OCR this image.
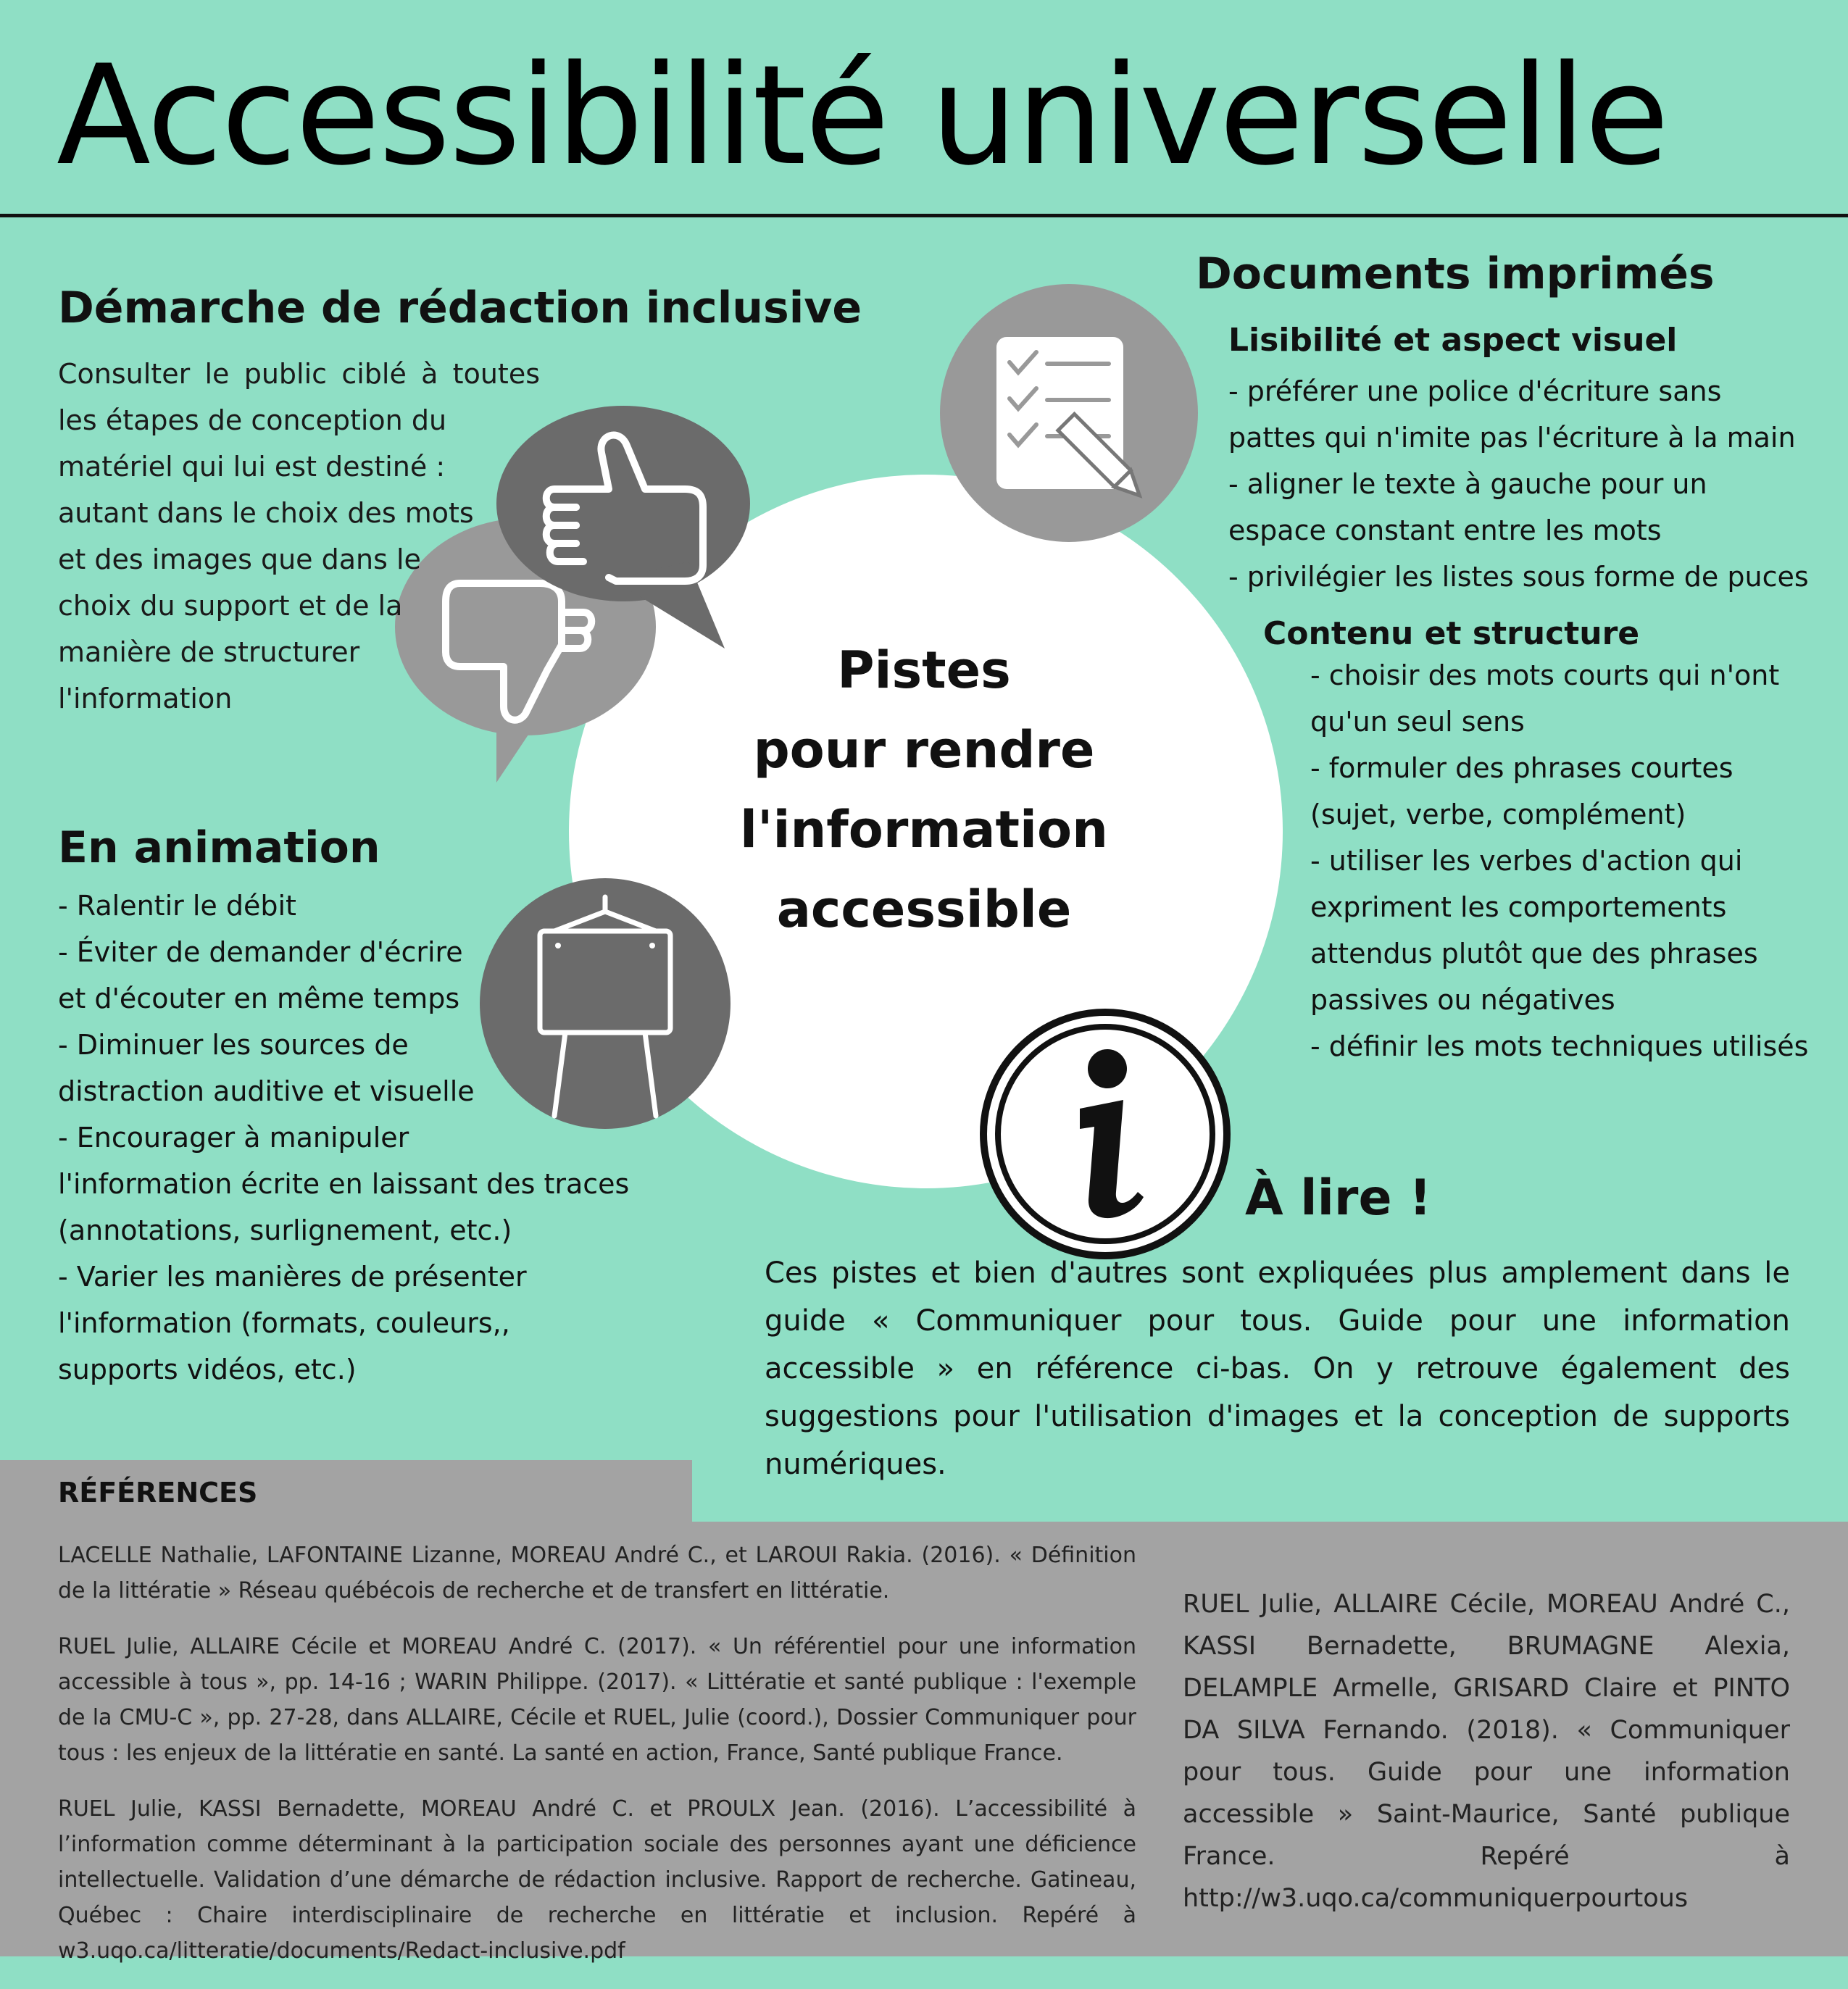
Accessibilité universelle
Pistes
pour rendre
l'information
accessible
Démarche de rédaction inclusive
Consulter le public ciblé à toutes
les étapes de conception du
matériel qui lui est destiné :
autant dans le choix des mots
et des images que dans le
choix du support et de la
manière de structurer
l'information
En animation
- Ralentir le débit
- Éviter de demander d'écrire
et d'écouter en même temps
- Diminuer les sources de
distraction auditive et visuelle
- Encourager à manipuler
l'information écrite en laissant des traces
(annotations, surlignement, etc.)
- Varier les manières de présenter
l'information (formats, couleurs,,
supports vidéos, etc.)
Documents imprimés
Lisibilité et aspect visuel
- préférer une police d'écriture sans
pattes qui n'imite pas l'écriture à la main
- aligner le texte à gauche pour un
espace constant entre les mots
- privilégier les listes sous forme de puces
Contenu et structure
- choisir des mots courts qui n'ont
qu'un seul sens
- formuler des phrases courtes
(sujet, verbe, complément)
- utiliser les verbes d'action qui
expriment les comportements
attendus plutôt que des phrases
passives ou négatives
- définir les mots techniques utilisés
À lire !
Ces pistes et bien d'autres sont expliquées plus amplement dans le guide « Communiquer pour tous. Guide pour une information accessible » en référence ci-bas. On y retrouve également des suggestions pour l'utilisation d'images et la conception de supports numériques.
RÉFÉRENCES

LACELLE Nathalie, LAFONTAINE Lizanne, MOREAU André C., et LAROUI Rakia. (2016). « Définition de la littératie » Réseau québécois de recherche et de transfert en littératie.

RUEL Julie, ALLAIRE Cécile et MOREAU André C. (2017). « Un référentiel pour une information accessible à tous », pp. 14-16 ; WARIN Philippe. (2017). « Littératie et santé publique : l'exemple de la CMU-C », pp. 27-28, dans ALLAIRE, Cécile et RUEL, Julie (coord.), Dossier Communiquer pour tous : les enjeux de la littératie en santé. La santé en action, France, Santé publique France.

RUEL Julie, KASSI Bernadette, MOREAU André C. et PROULX Jean. (2016). L’accessibilité à l’information comme déterminant à la participation sociale des personnes ayant une déficience intellectuelle. Validation d’une démarche de rédaction inclusive. Rapport de recherche. Gatineau, Québec : Chaire interdisciplinaire de recherche en littératie et inclusion. Repéré à w3.uqo.ca/litteratie/documents/Redact-inclusive.pdf

RUEL Julie, ALLAIRE Cécile, MOREAU André C., KASSI Bernadette, BRUMAGNE Alexia, DELAMPLE Armelle, GRISARD Claire et PINTO DA SILVA Fernando. (2018). « Communiquer pour tous. Guide pour une information accessible » Saint-Maurice, Santé publique France. Repéré à http://w3.uqo.ca/communiquerpourtous
